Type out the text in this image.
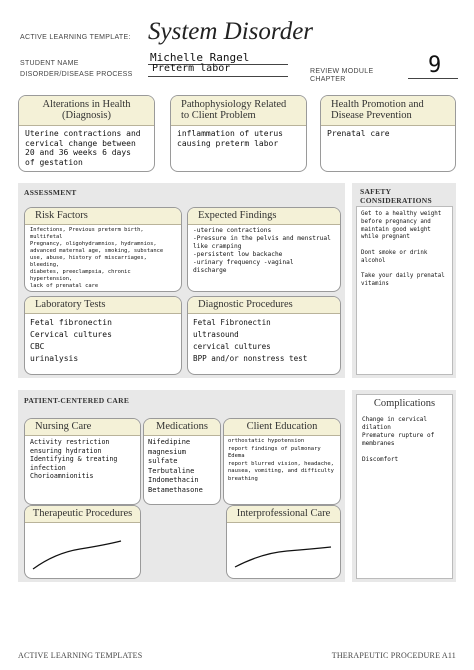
ACTIVE LEARNING TEMPLATE: System Disorder
STUDENT NAME	Michelle Rangel
DISORDER/DISEASE PROCESS
Preterm labor	REVIEW MODULE
CHAPTER
9
Alterations in Health
(Diagnosis)
Uterine contractions and
cervical change between
20 and 36 weeks 6 days
of gestation
Pathophysiology Related
to Client Problem
inflammation of uterus
causing preterm labor
Health Promotion and
Disease Prevention
Prenatal care
ASSESSMENT
Risk Factors
Infections, Previous preterm birth, multifetal
Pregnancy, oligohydramnios, hydramnios,
advanced maternal age, smoking, substance
use, abuse, history of miscarriages, bleeding,
diabetes, preeclampsia, chronic hypertension,
lack of prenatal care
Expected Findings
-uterine contractions
-Pressure in the pelvis and menstrual
like cramping
-persistent low backache
-urinary frequency -vaginal
discharge
Laboratory Tests
Fetal fibronectin
Cervical cultures
CBC
urinalysis
Diagnostic Procedures
Fetal Fibronectin
ultrasound
cervical cultures
BPP and/or nonstress test
SAFETY
CONSIDERATIONS
Get to a healthy weight
before pregnancy and
maintain good weight
while pregnant

Dont smoke or drink
alcohol

Take your daily prenatal
vitamins
PATIENT-CENTERED CARE
Nursing Care
Activity restriction
ensuring hydration
Identifying & treating
infection
Chorioamnionitis
Medications
Nifedipine
magnesium
sulfate
Terbutaline
Indomethacin
Betamethasone
Client Education
orthostatic hypotension
report findings of pulmonary
Edema
report blurred vision, headache,
nausea, vomiting, and difficulty
breathing
Therapeutic Procedures	Interprofessional Care
Complications
Change in cervical
dilation
Premature rupture of
membranes

Discomfort
ACTIVE LEARNING TEMPLATES	THERAPEUTIC PROCEDURE A11
